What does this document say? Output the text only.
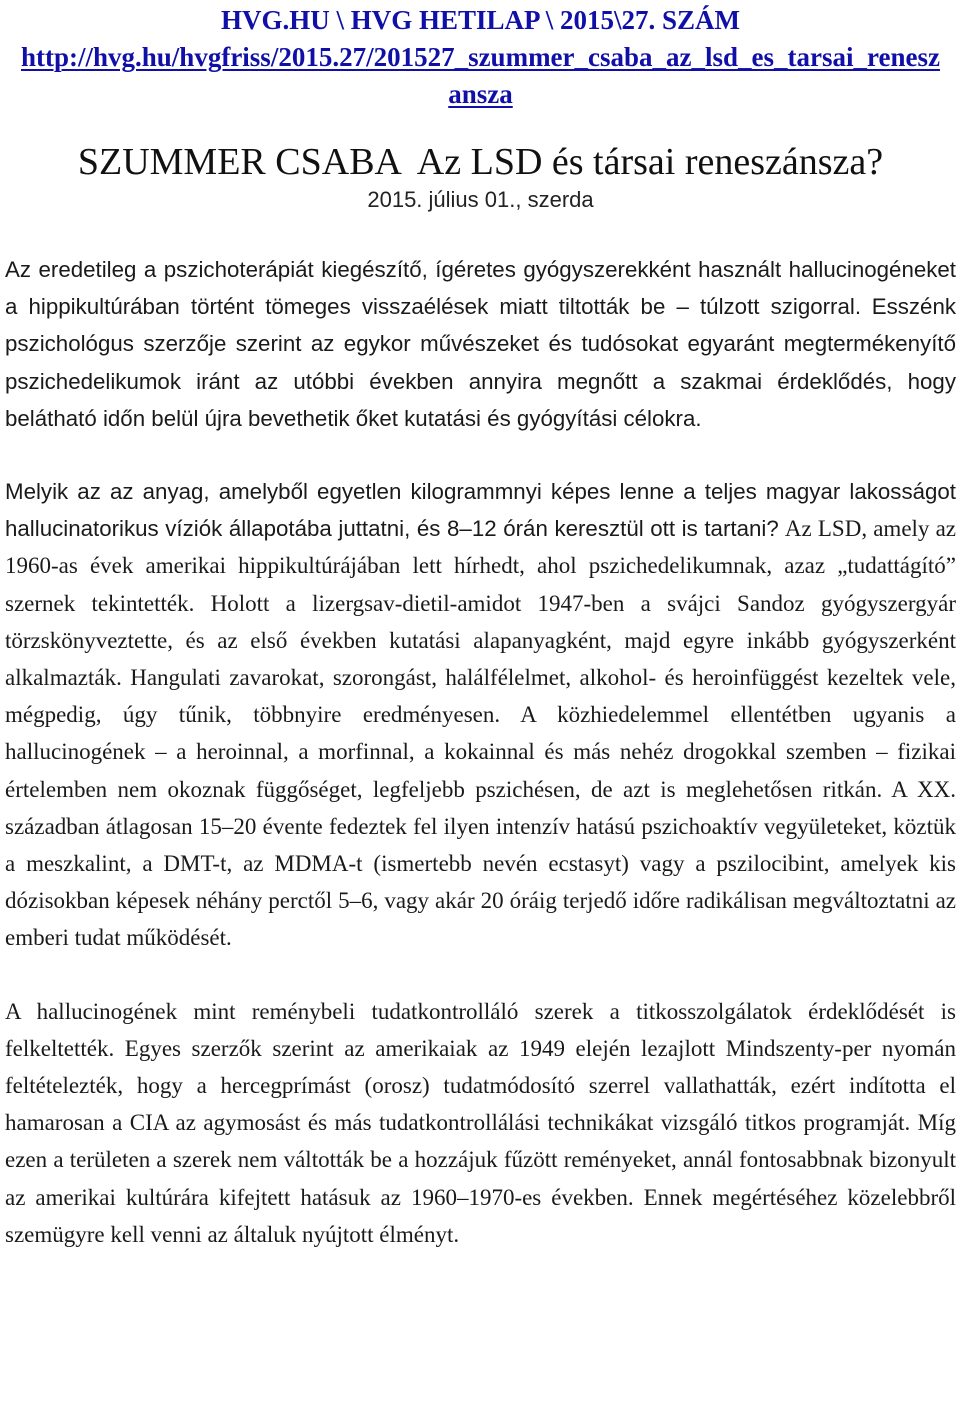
HVG.HU \ HVG HETILAP \ 2015\27. SZÁM

http://hvg.hu/hvgfriss/2015.27/201527_szummer_csaba_az_lsd_es_tarsai_renesz

ansza

SZUMMER CSABA  Az LSD és társai reneszánsza?

2015. július 01., szerda

Az eredetileg a pszichoterápiát kiegészítő, ígéretes gyógyszerekként használt hallucinogéneket a hippikultúrában történt tömeges visszaélések miatt tiltották be – túlzott szigorral. Esszénk pszichológus szerzője szerint az egykor művészeket és tudósokat egyaránt megtermékenyítő pszichedelikumok iránt az utóbbi években annyira megnőtt a szakmai érdeklődés, hogy belátható időn belül újra bevethetik őket kutatási és gyógyítási célokra.

Melyik az az anyag, amelyből egyetlen kilogrammnyi képes lenne a teljes magyar lakosságot hallucinatorikus víziók állapotába juttatni, és 8–12 órán keresztül ott is tartani? Az LSD, amely az 1960-as évek amerikai hippikultúrájában lett hírhedt, ahol pszichedelikumnak, azaz „tudattágító” szernek tekintették. Holott a lizergsav-dietil-amidot 1947-ben a svájci Sandoz gyógyszergyár törzskönyveztette, és az első években kutatási alapanyagként, majd egyre inkább gyógyszerként alkalmazták. Hangulati zavarokat, szorongást, halálfélelmet, alkohol- és heroinfüggést kezeltek vele, mégpedig, úgy tűnik, többnyire eredményesen. A közhiedelemmel ellentétben ugyanis a hallucinogének – a heroinnal, a morfinnal, a kokainnal és más nehéz drogokkal szemben – fizikai értelemben nem okoznak függőséget, legfeljebb pszichésen, de azt is meglehetősen ritkán. A XX. században átlagosan 15–20 évente fedeztek fel ilyen intenzív hatású pszichoaktív vegyületeket, köztük a meszkalint, a DMT-t, az MDMA-t (ismertebb nevén ecstasyt) vagy a pszilocibint, amelyek kis dózisokban képesek néhány perctől 5–6, vagy akár 20 óráig terjedő időre radikálisan megváltoztatni az emberi tudat működését.

A hallucinogének mint reménybeli tudatkontrolláló szerek a titkosszolgálatok érdeklődését is felkeltették. Egyes szerzők szerint az amerikaiak az 1949 elején lezajlott Mindszenty-per nyomán feltételezték, hogy a hercegprímást (orosz) tudatmódosító szerrel vallathatták, ezért indította el hamarosan a CIA az agymosást és más tudatkontrollálási technikákat vizsgáló titkos programját. Míg ezen a területen a szerek nem váltották be a hozzájuk fűzött reményeket, annál fontosabbnak bizonyult az amerikai kultúrára kifejtett hatásuk az 1960–1970-es években. Ennek megértéséhez közelebbről szemügyre kell venni az általuk nyújtott élményt.
